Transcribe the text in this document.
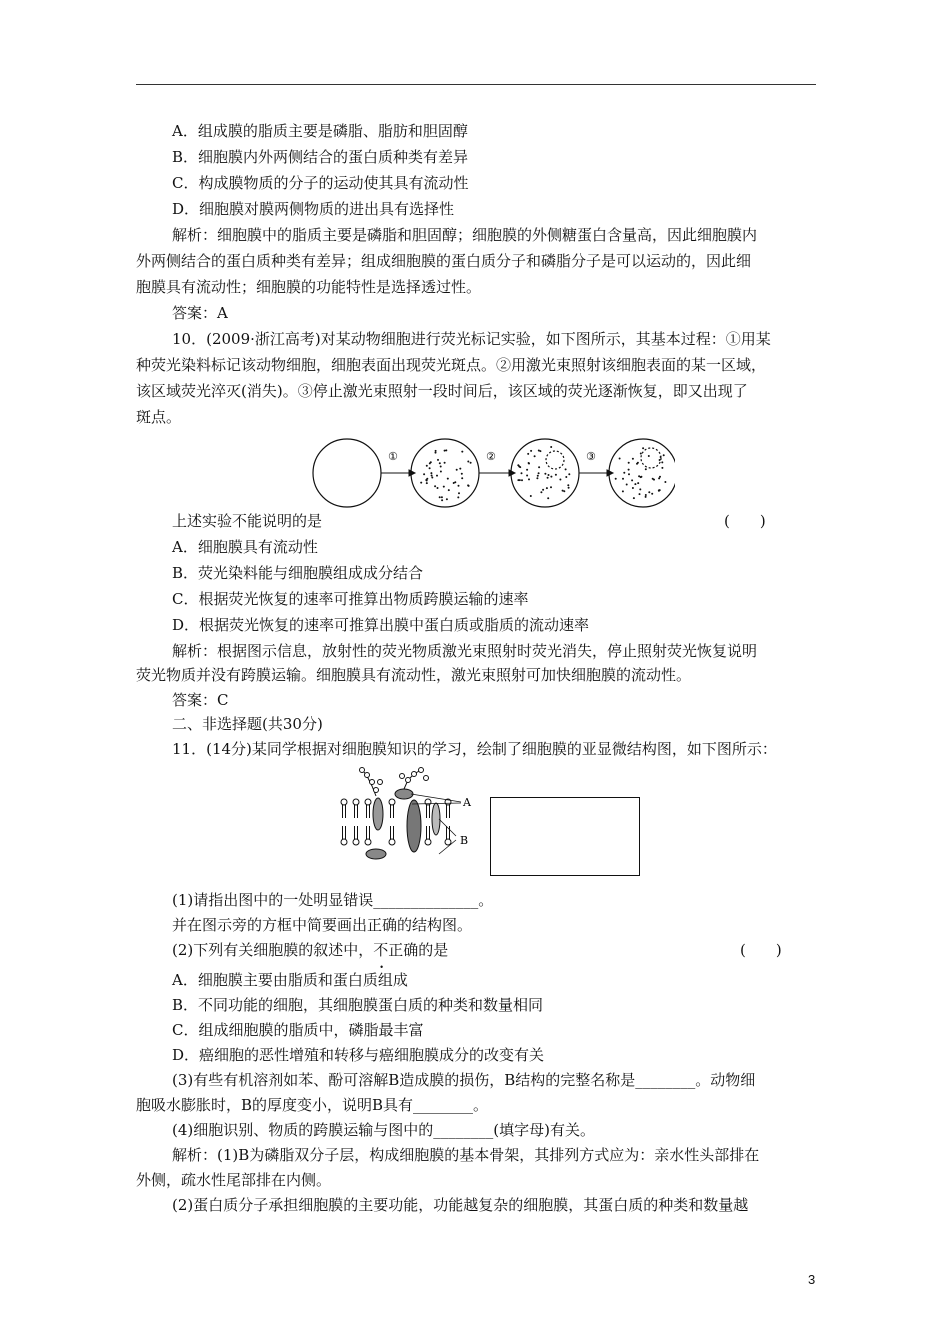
A．组成膜的脂质主要是磷脂、脂肪和胆固醇
B．细胞膜内外两侧结合的蛋白质种类有差异
C．构成膜物质的分子的运动使其具有流动性
D．细胞膜对膜两侧物质的进出具有选择性
解析：细胞膜中的脂质主要是磷脂和胆固醇；细胞膜的外侧糖蛋白含量高，因此细胞膜内
外两侧结合的蛋白质种类有差异；组成细胞膜的蛋白质分子和磷脂分子是可以运动的，因此细
胞膜具有流动性；细胞膜的功能特性是选择透过性。
答案：A
10．(2009·浙江高考)对某动物细胞进行荧光标记实验，如下图所示，其基本过程：①用某
种荧光染料标记该动物细胞，细胞表面出现荧光斑点。②用激光束照射该细胞表面的某一区域，
该区域荧光淬灭(消失)。③停止激光束照射一段时间后，该区域的荧光逐渐恢复，即又出现了
斑点。
①	②	③
上述实验不能说明的是	(　　)
A．细胞膜具有流动性
B．荧光染料能与细胞膜组成成分结合
C．根据荧光恢复的速率可推算出物质跨膜运输的速率
D．根据荧光恢复的速率可推算出膜中蛋白质或脂质的流动速率
解析：根据图示信息，放射性的荧光物质激光束照射时荧光消失，停止照射荧光恢复说明
荧光物质并没有跨膜运输。细胞膜具有流动性，激光束照射可加快细胞膜的流动性。
答案：C
二、非选择题(共30分)
11．(14分)某同学根据对细胞膜知识的学习，绘制了细胞膜的亚显微结构图，如下图所示：
A
B
(1)请指出图中的一处明显错误______________。
并在图示旁的方框中简要画出正确的结构图。
(2)下列有关细胞膜的叙述中，不
•
正确的是	(　　)
A．细胞膜主要由脂质和蛋白质组成
B．不同功能的细胞，其细胞膜蛋白质的种类和数量相同
C．组成细胞膜的脂质中，磷脂最丰富
D．癌细胞的恶性增殖和转移与癌细胞膜成分的改变有关
(3)有些有机溶剂如苯、酚可溶解B造成膜的损伤，B结构的完整名称是________。动物细
胞吸水膨胀时，B的厚度变小，说明B具有________。
(4)细胞识别、物质的跨膜运输与图中的________(填字母)有关。
解析：(1)B为磷脂双分子层，构成细胞膜的基本骨架，其排列方式应为：亲水性头部排在
外侧，疏水性尾部排在内侧。
(2)蛋白质分子承担细胞膜的主要功能，功能越复杂的细胞膜，其蛋白质的种类和数量越
3
